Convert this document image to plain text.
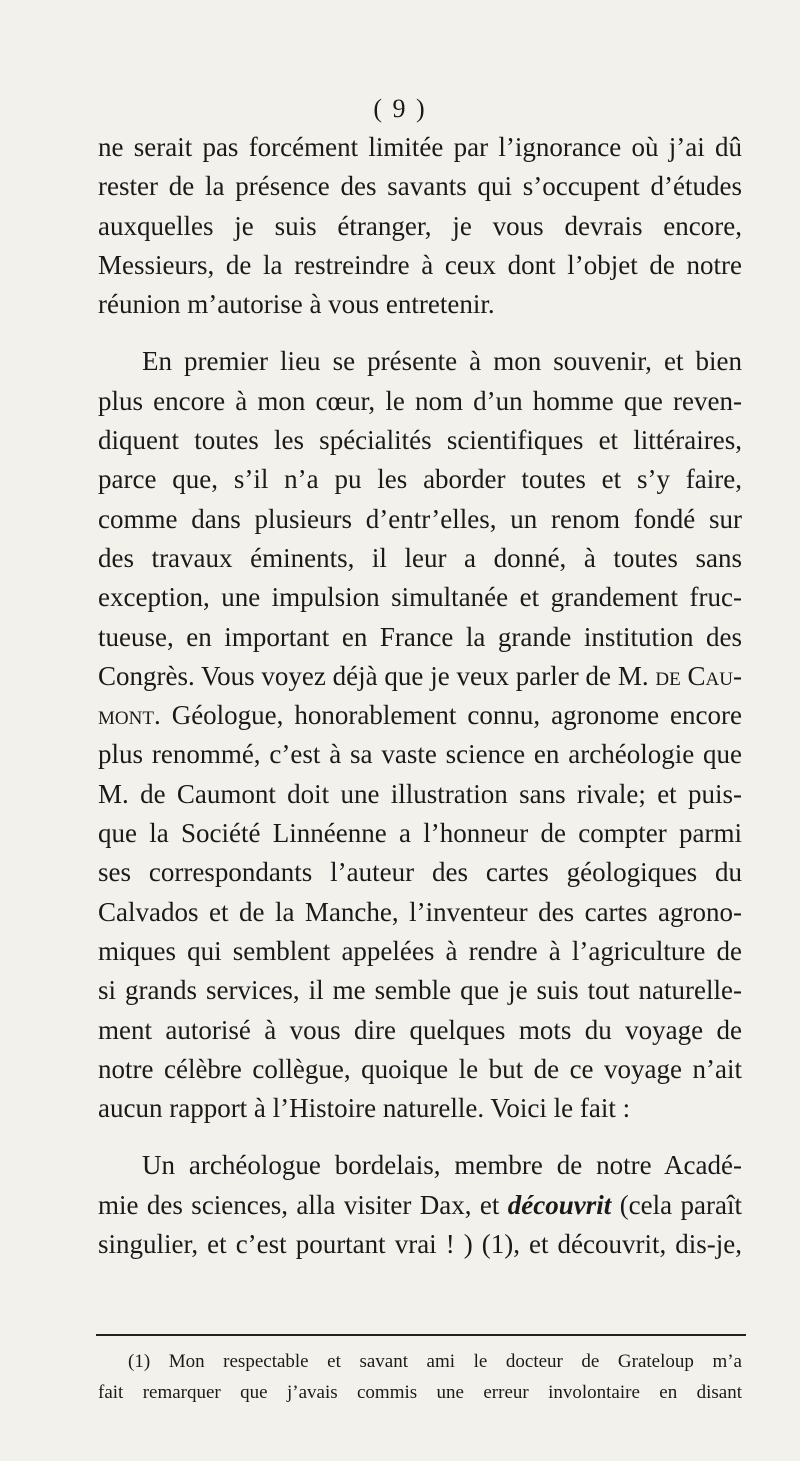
( 9 )

ne serait pas forcément limitée par l’ignorance où j’ai dû
rester de la présence des savants qui s’occupent d’études
auxquelles je suis étranger, je vous devrais encore,
Messieurs, de la restreindre à ceux dont l’objet de notre
réunion m’autorise à vous entretenir.

En premier lieu se présente à mon souvenir, et bien
plus encore à mon cœur, le nom d’un homme que reven-
diquent toutes les spécialités scientifiques et littéraires,
parce que, s’il n’a pu les aborder toutes et s’y faire,
comme dans plusieurs d’entr’elles, un renom fondé sur
des travaux éminents, il leur a donné, à toutes sans
exception, une impulsion simultanée et grandement fruc-
tueuse, en important en France la grande institution des
Congrès. Vous voyez déjà que je veux parler de M. de Cau-
mont. Géologue, honorablement connu, agronome encore
plus renommé, c’est à sa vaste science en archéologie que
M. de Caumont doit une illustration sans rivale; et puis-
que la Société Linnéenne a l’honneur de compter parmi
ses correspondants l’auteur des cartes géologiques du
Calvados et de la Manche, l’inventeur des cartes agrono-
miques qui semblent appelées à rendre à l’agriculture de
si grands services, il me semble que je suis tout naturelle-
ment autorisé à vous dire quelques mots du voyage de
notre célèbre collègue, quoique le but de ce voyage n’ait
aucun rapport à l’Histoire naturelle. Voici le fait :

Un archéologue bordelais, membre de notre Acadé-
mie des sciences, alla visiter Dax, et découvrit (cela paraît
singulier, et c’est pourtant vrai ! ) (1), et découvrit, dis-je,

(1) Mon respectable et savant ami le docteur de Grateloup m’a
fait remarquer que j’avais commis une erreur involontaire en disant
